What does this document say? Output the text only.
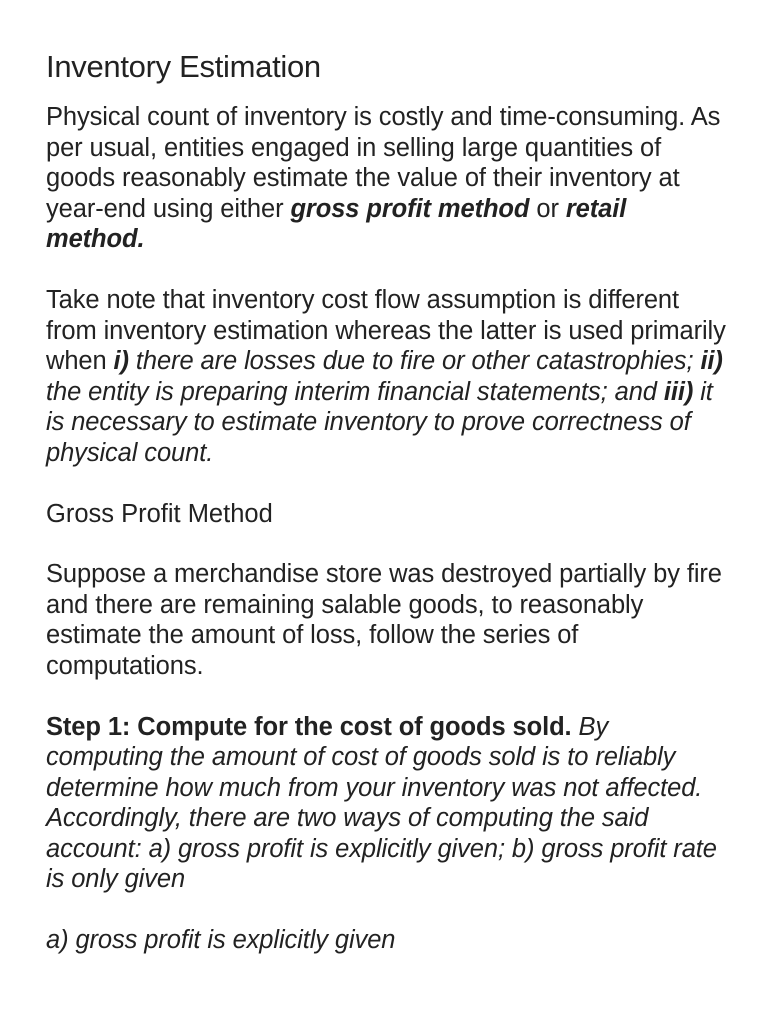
Inventory Estimation

Physical count of inventory is costly and time-consuming. As per usual, entities engaged in selling large quantities of goods reasonably estimate the value of their inventory at year-end using either gross profit method or retail method.

Take note that inventory cost flow assumption is different from inventory estimation whereas the latter is used primarily when i) there are losses due to fire or other catastrophies; ii) the entity is preparing interim financial statements; and iii) it is necessary to estimate inventory to prove correctness of physical count.

Gross Profit Method

Suppose a merchandise store was destroyed partially by fire and there are remaining salable goods, to reasonably estimate the amount of loss, follow the series of computations.

Step 1: Compute for the cost of goods sold. By computing the amount of cost of goods sold is to reliably determine how much from your inventory was not affected. Accordingly, there are two ways of computing the said account: a) gross profit is explicitly given; b) gross profit rate is only given

a) gross profit is explicitly given
